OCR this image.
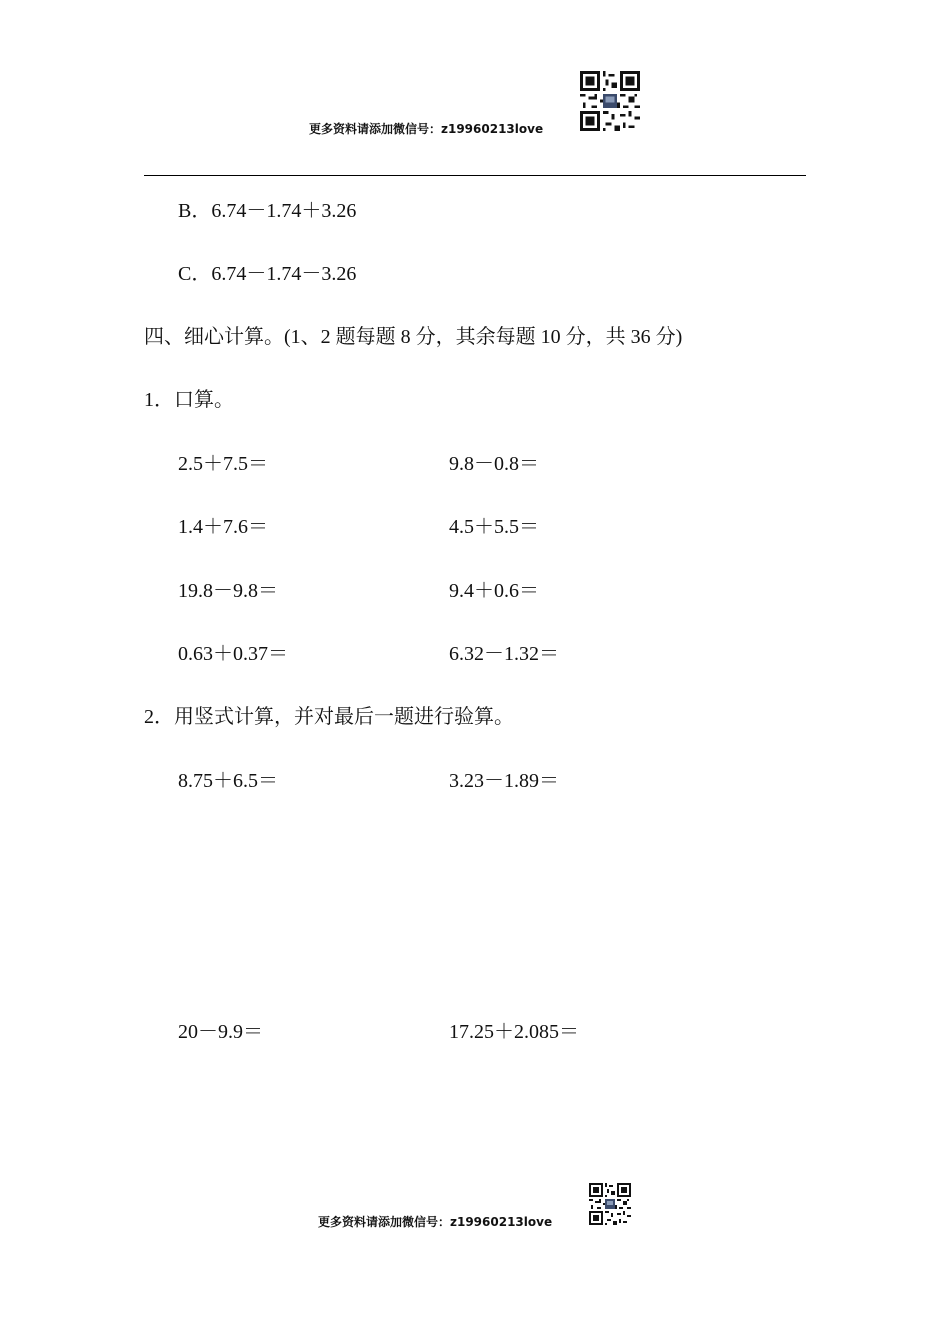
更多资料请添加微信号：z19960213love
B．6.74－1.74＋3.26
C．6.74－1.74－3.26
四、细心计算。(1、2 题每题 8 分，其余每题 10 分，共 36 分)
1．口算。
2.5＋7.5＝	9.8－0.8＝
1.4＋7.6＝	4.5＋5.5＝
19.8－9.8＝	9.4＋0.6＝
0.63＋0.37＝	6.32－1.32＝
2．用竖式计算，并对最后一题进行验算。
8.75＋6.5＝	3.23－1.89＝
20－9.9＝	17.25＋2.085＝
更多资料请添加微信号：z19960213love
